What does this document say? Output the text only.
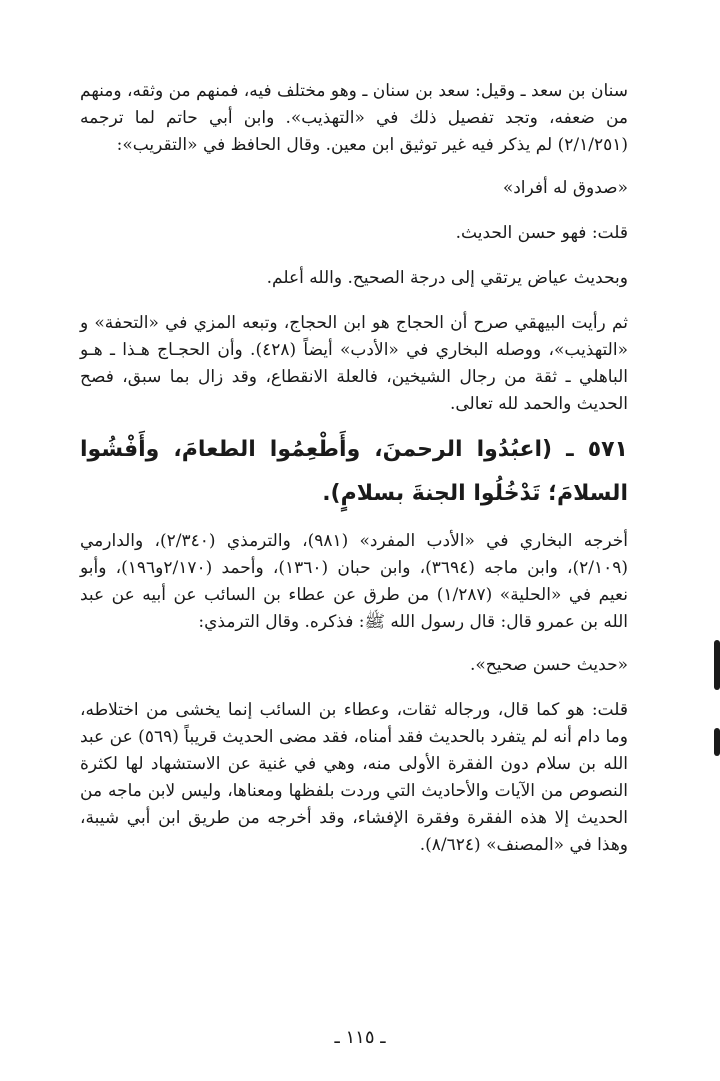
سنان بن سعد ـ وقيل: سعد بن سنان ـ وهو مختلف فيه، فمنهم من وثقه، ومنهم من ضعفه، وتجد تفصيل ذلك في «التهذيب». وابن أبي حاتم لما ترجمه (٢/١/٢٥١) لم يذكر فيه غير توثيق ابن معين. وقال الحافظ في «التقريب»:

«صدوق له أفراد»

قلت: فهو حسن الحديث.

وبحديث عياض يرتقي إلى درجة الصحيح. والله أعلم.

ثم رأيت البيهقي صرح أن الحجاج هو ابن الحجاج، وتبعه المزي في «التحفة» و «التهذيب»، ووصله البخاري في «الأدب» أيضاً (٤٢٨). وأن الحجـاج هـذا ـ هـو الباهلي ـ ثقة من رجال الشيخين، فالعلة الانقطاع، وقد زال بما سبق، فصح الحديث والحمد لله تعالى.

٥٧١ ـ (اعبُدُوا الرحمنَ، وأَطْعِمُوا الطعامَ، وأَفْشُوا السلامَ؛ تَدْخُلُوا الجنةَ بسلامٍ).

أخرجه البخاري في «الأدب المفرد» (٩٨١)، والترمذي (٢/٣٤٠)، والدارمي (٢/١٠٩)، وابن ماجه (٣٦٩٤)، وابن حبان (١٣٦٠)، وأحمد (٢/١٧٠و١٩٦)، وأبو نعيم في «الحلية» (١/٢٨٧) من طرق عن عطاء بن السائب عن أبيه عن عبد الله بن عمرو قال: قال رسول الله ﷺ: فذكره. وقال الترمذي:

«حديث حسن صحيح».

قلت: هو كما قال، ورجاله ثقات، وعطاء بن السائب إنما يخشى من اختلاطه، وما دام أنه لم يتفرد بالحديث فقد أمناه، فقد مضى الحديث قريباً (٥٦٩) عن عبد الله بن سلام دون الفقرة الأولى منه، وهي في غنية عن الاستشهاد لها لكثرة النصوص من الآيات والأحاديث التي وردت بلفظها ومعناها، وليس لابن ماجه من الحديث إلا هذه الفقرة وفقرة الإفشاء، وقد أخرجه من طريق ابن أبي شيبة، وهذا في «المصنف» (٨/٦٢٤).

ـ ١١٥ ـ
